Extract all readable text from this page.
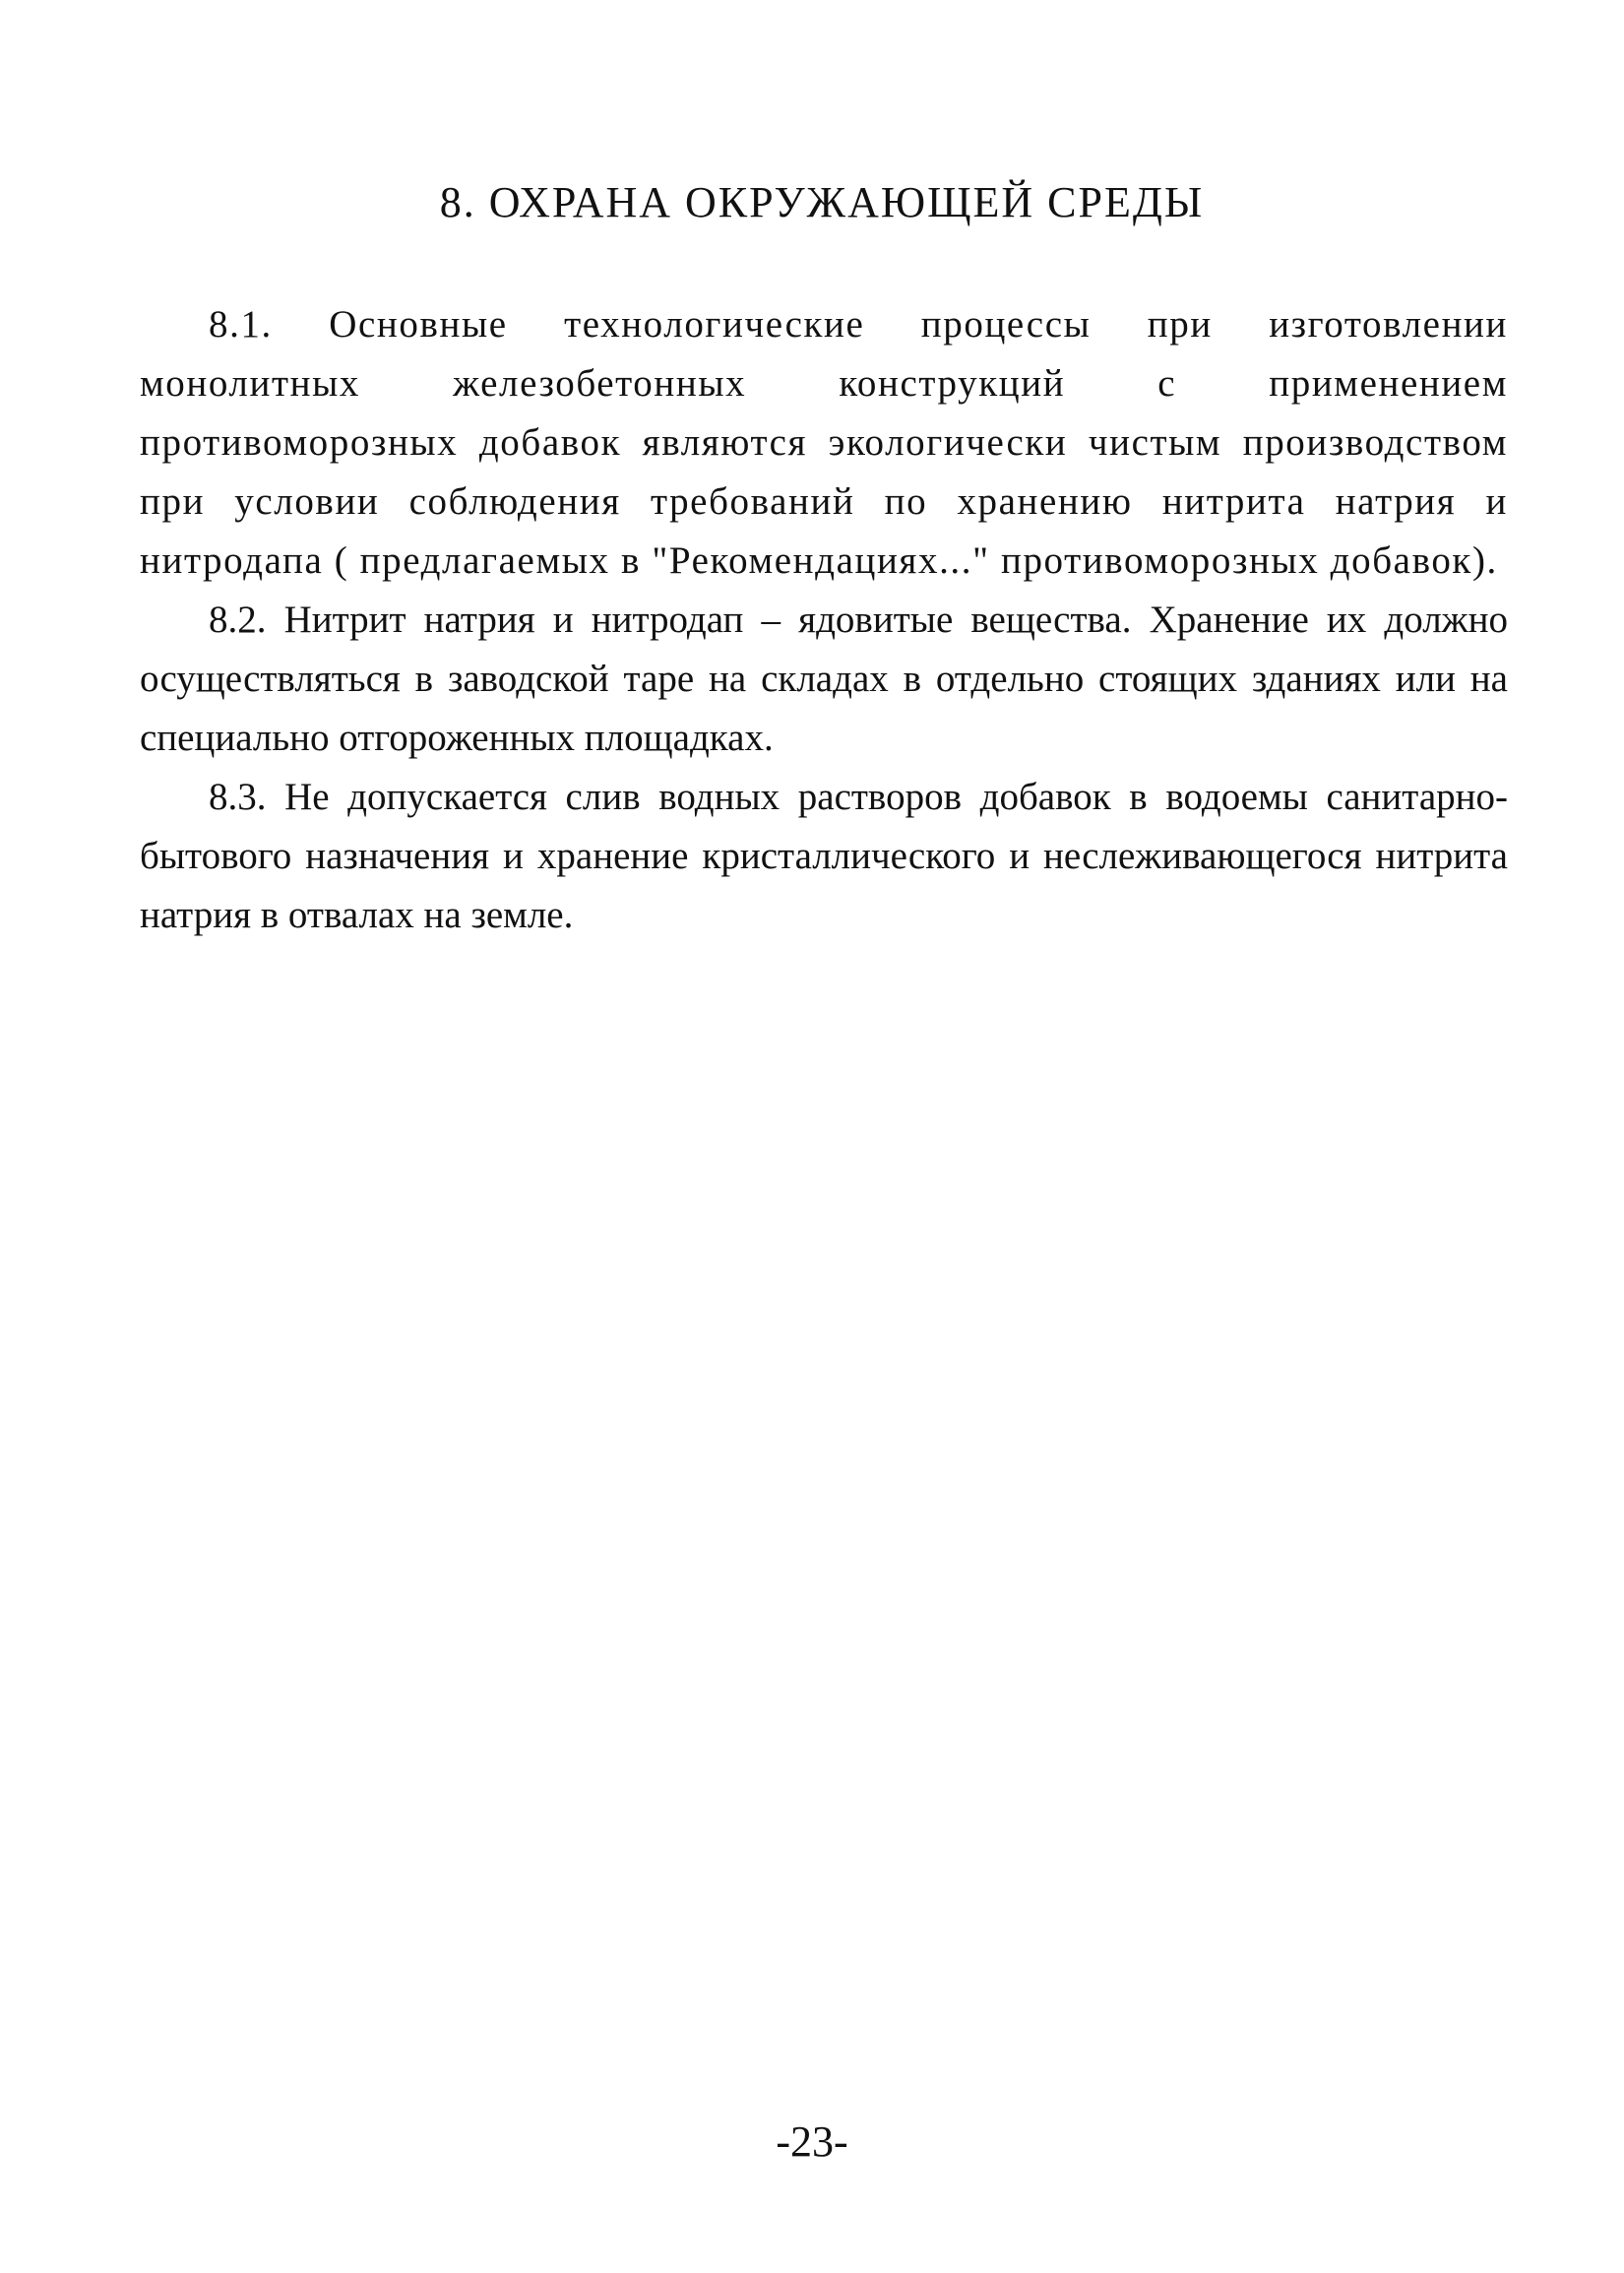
8. ОХРАНА ОКРУЖАЮЩЕЙ СРЕДЫ

8.1. Основные технологические процессы при изготовлении монолитных железобетонных конструкций с применением противоморозных добавок являются экологически чистым производством при условии соблюдения требований по хранению нитрита натрия и нитродапа ( предлагаемых в "Рекомендациях..." противоморозных добавок).

8.2. Нитрит натрия и нитродап – ядовитые вещества. Хранение их должно осуществляться в заводской таре на складах в отдельно стоящих зданиях или на специально отгороженных площадках.

8.3. Не допускается слив водных растворов добавок в водоемы санитарно-бытового назначения и хранение кристаллического и неслеживающегося нитрита натрия в отвалах на земле.

-23-
